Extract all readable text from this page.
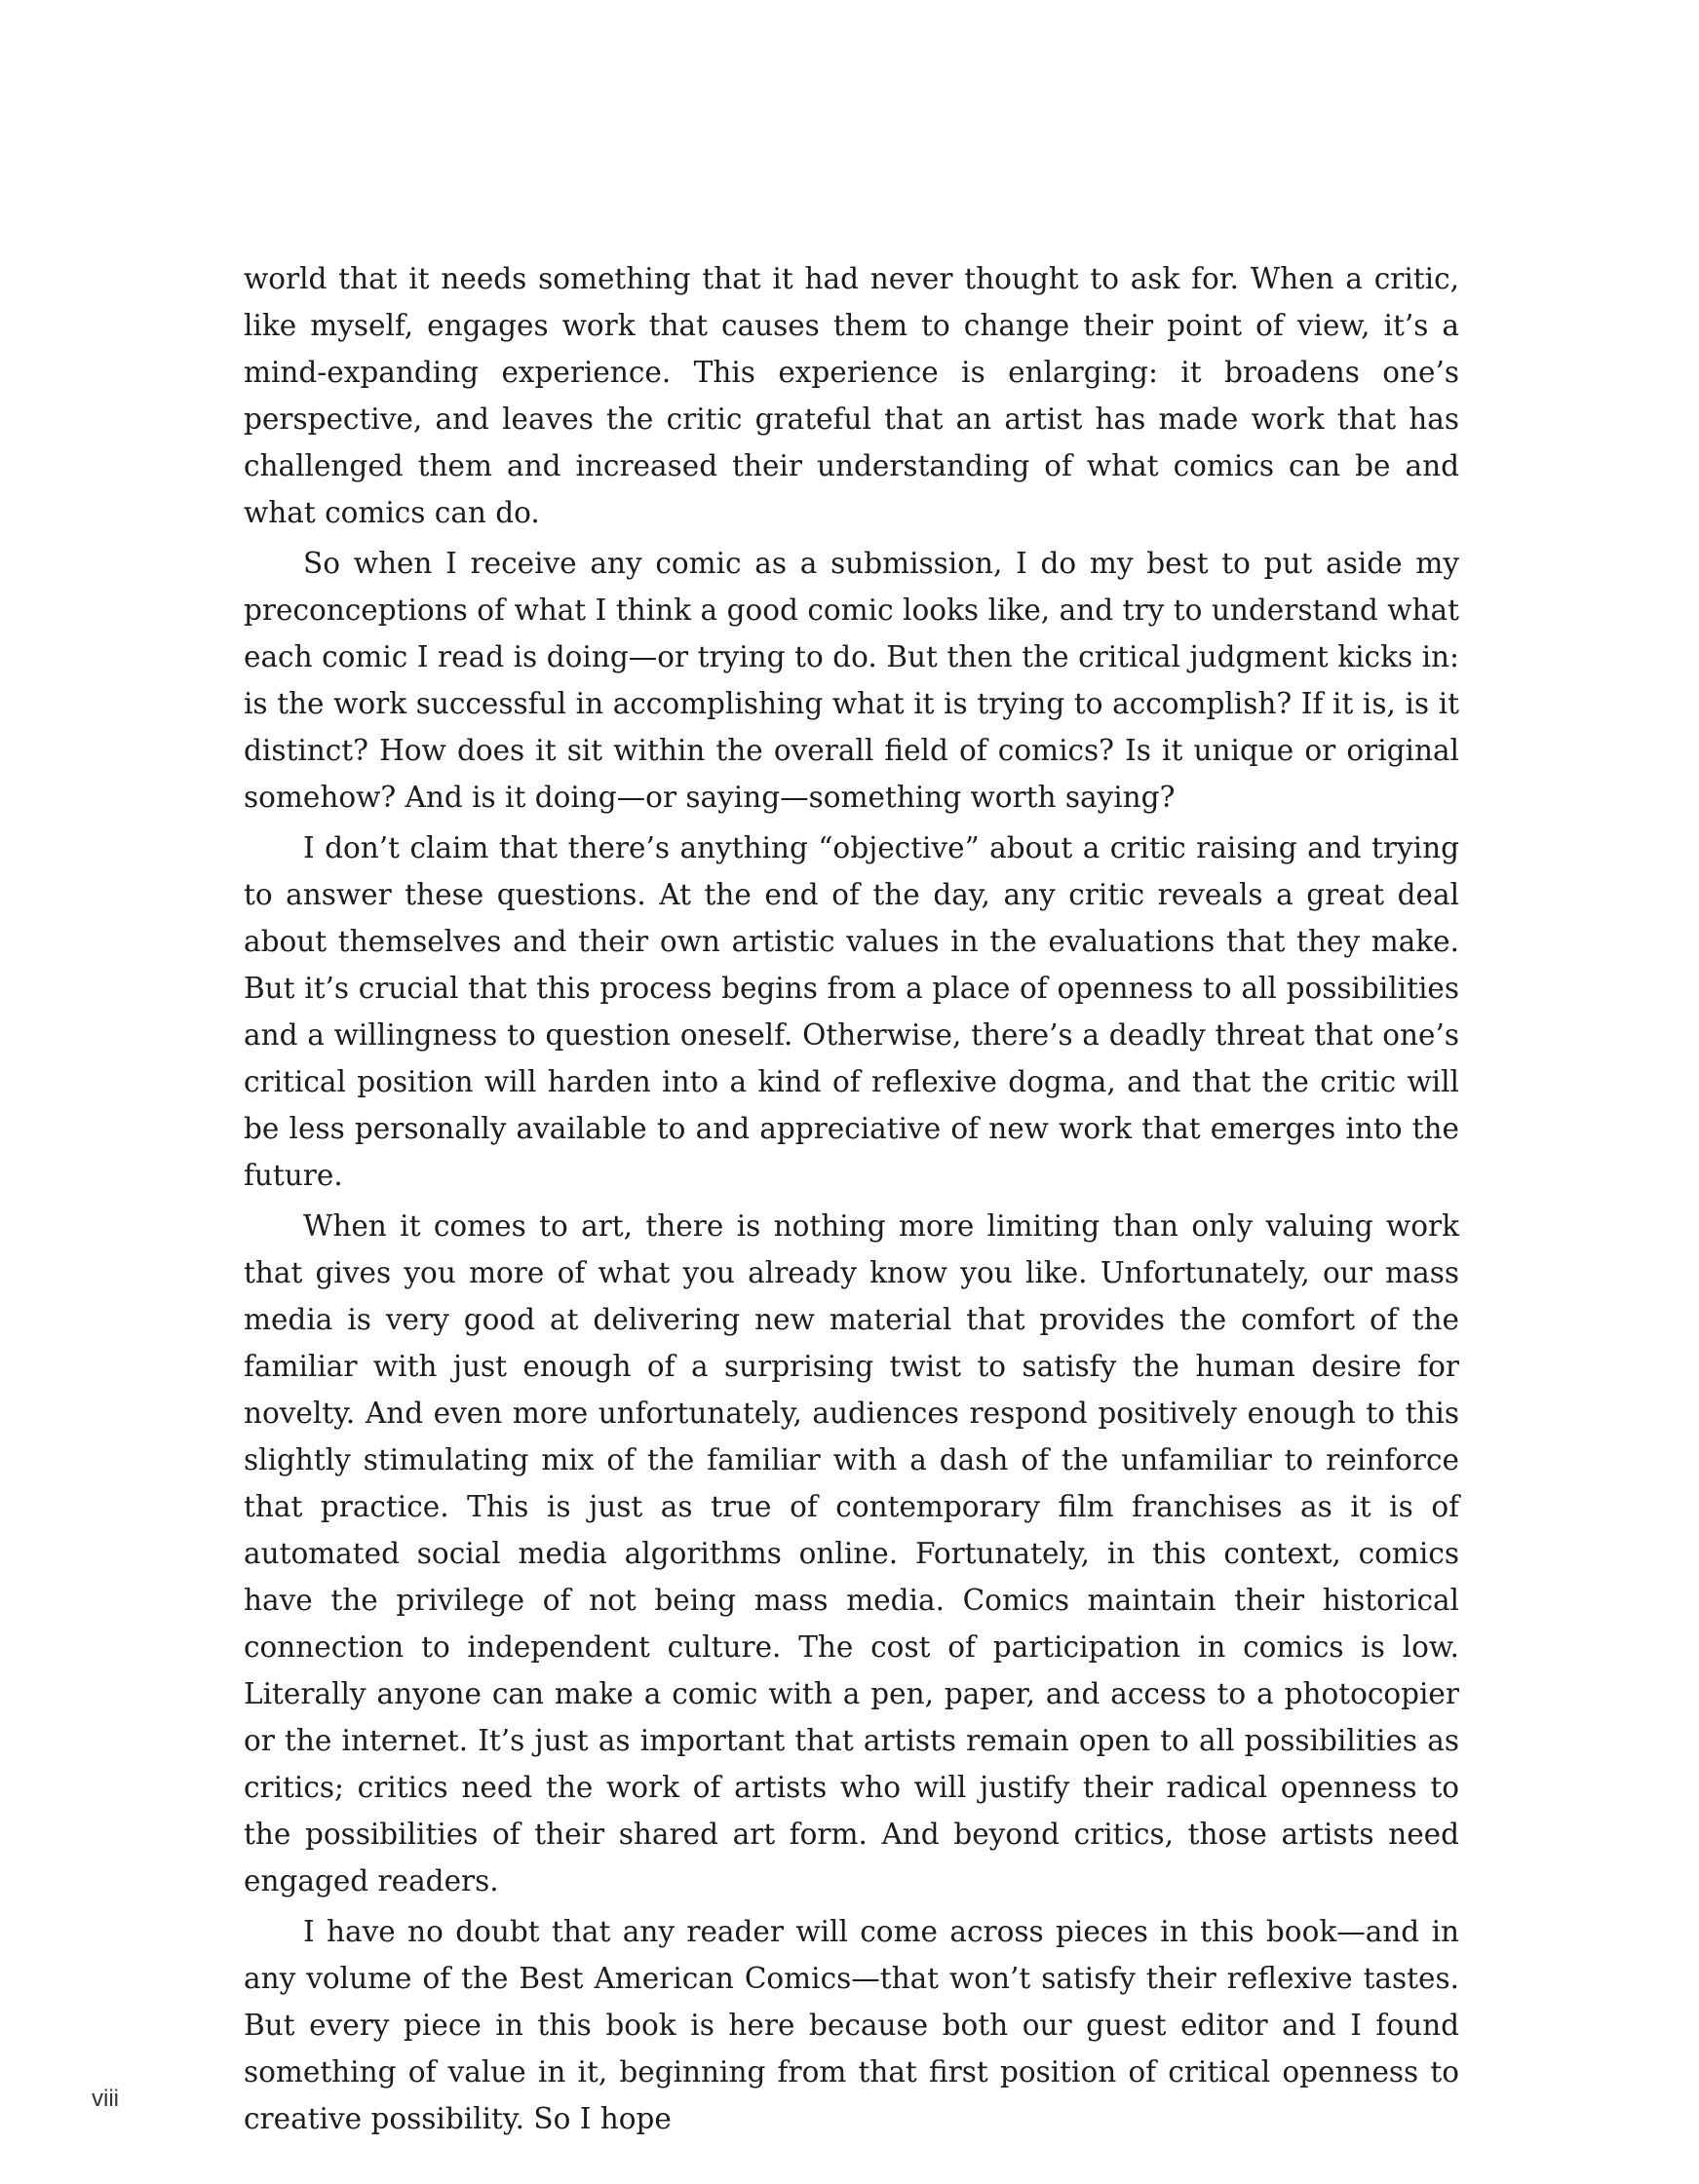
world that it needs something that it had never thought to ask for. When a critic, like myself, engages work that causes them to change their point of view, it’s a mind-expanding experience. This experience is enlarging: it broadens one’s perspective, and leaves the critic grateful that an artist has made work that has challenged them and increased their understanding of what comics can be and what comics can do.

So when I receive any comic as a submission, I do my best to put aside my preconceptions of what I think a good comic looks like, and try to understand what each comic I read is doing—or trying to do. But then the critical judgment kicks in: is the work successful in accomplishing what it is trying to accomplish? If it is, is it distinct? How does it sit within the overall field of comics? Is it unique or original somehow? And is it doing—or saying—something worth saying?

I don’t claim that there’s anything “objective” about a critic raising and trying to answer these questions. At the end of the day, any critic reveals a great deal about themselves and their own artistic values in the evaluations that they make. But it’s crucial that this process begins from a place of openness to all possibilities and a willingness to question oneself. Otherwise, there’s a deadly threat that one’s critical position will harden into a kind of reflexive dogma, and that the critic will be less personally available to and appreciative of new work that emerges into the future.

When it comes to art, there is nothing more limiting than only valuing work that gives you more of what you already know you like. Unfortunately, our mass media is very good at delivering new material that provides the comfort of the familiar with just enough of a surprising twist to satisfy the human desire for novelty. And even more unfortunately, audiences respond positively enough to this slightly stimulating mix of the familiar with a dash of the unfamiliar to reinforce that practice. This is just as true of contemporary film franchises as it is of automated social media algorithms online. Fortunately, in this context, comics have the privilege of not being mass media. Comics maintain their historical connection to independent culture. The cost of participation in comics is low. Literally anyone can make a comic with a pen, paper, and access to a photocopier or the internet. It’s just as important that artists remain open to all possibilities as critics; critics need the work of artists who will justify their radical openness to the possibilities of their shared art form. And beyond critics, those artists need engaged readers.

I have no doubt that any reader will come across pieces in this book—and in any volume of the Best American Comics—that won’t satisfy their reflexive tastes. But every piece in this book is here because both our guest editor and I found something of value in it, beginning from that first position of critical openness to creative possibility. So I hope

viii
